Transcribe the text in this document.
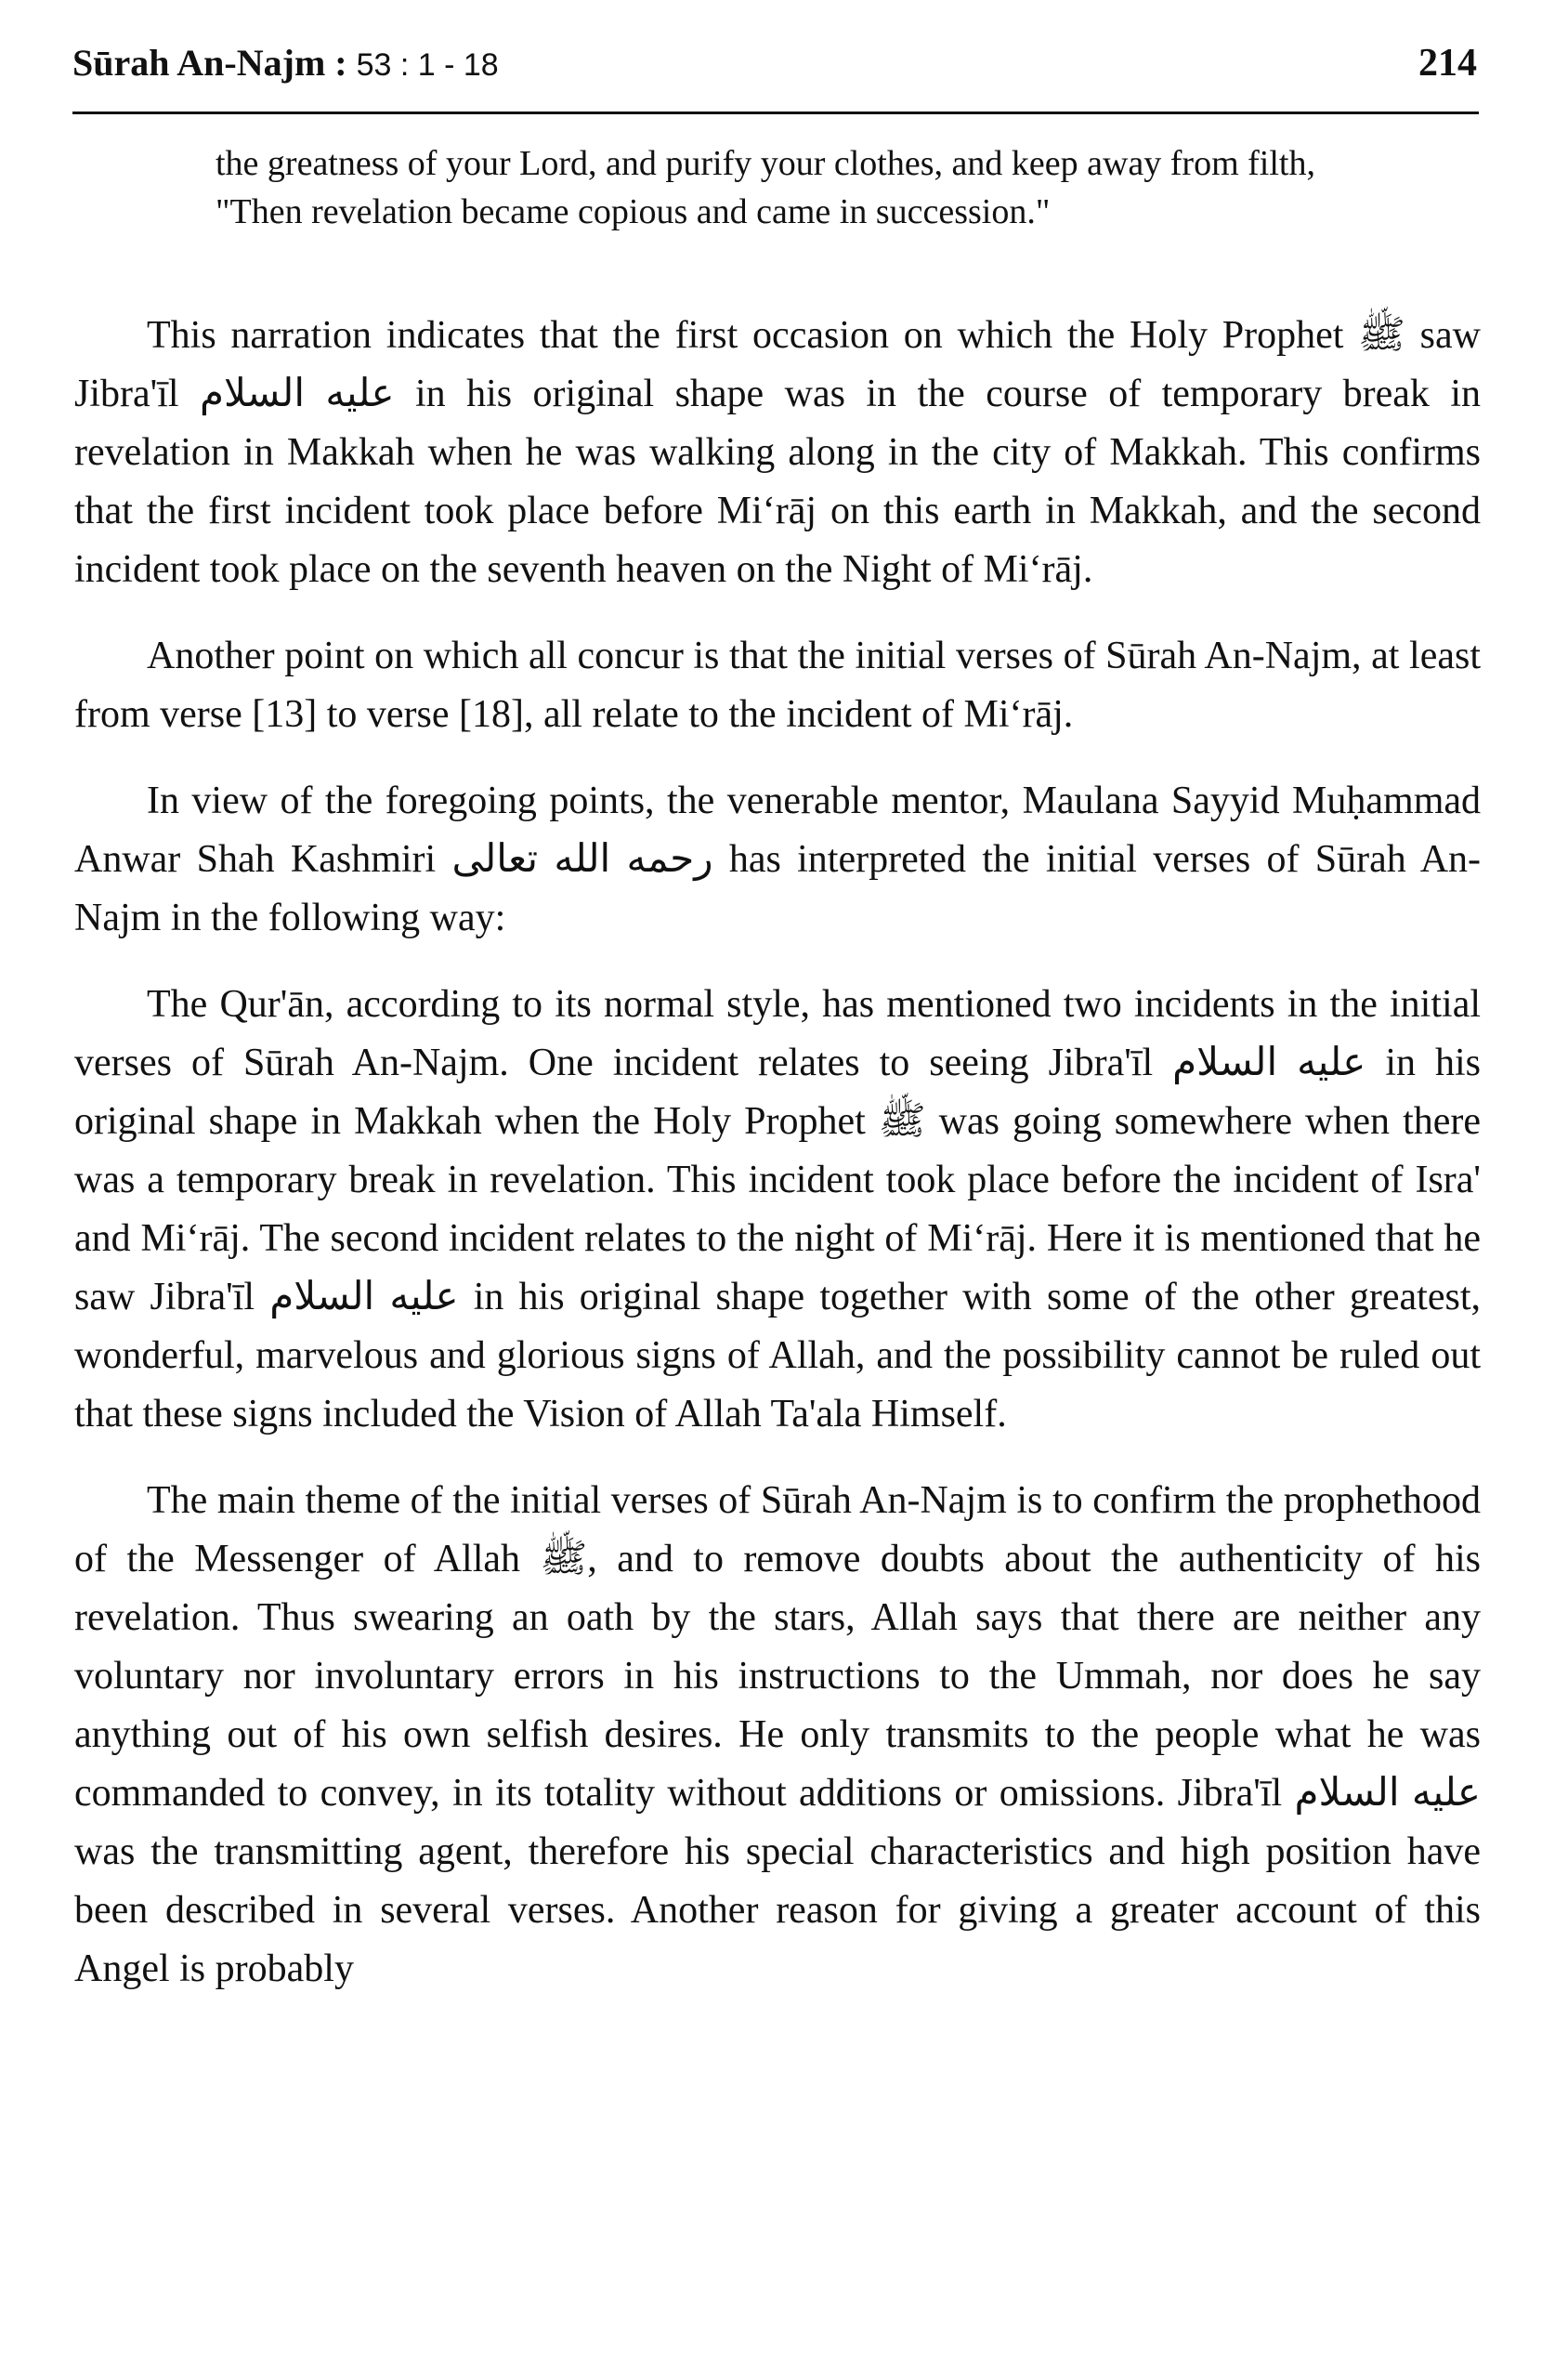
Sūrah An-Najm : 53 : 1 - 18	214

the greatness of your Lord, and purify your clothes, and keep away from filth, "Then revelation became copious and came in succession."

This narration indicates that the first occasion on which the Holy Prophet ﷺ saw Jibra'īl عليه السلام in his original shape was in the course of temporary break in revelation in Makkah when he was walking along in the city of Makkah. This confirms that the first incident took place before Mi‘rāj on this earth in Makkah, and the second incident took place on the seventh heaven on the Night of Mi‘rāj.

Another point on which all concur is that the initial verses of Sūrah An-Najm, at least from verse [13] to verse [18], all relate to the incident of Mi‘rāj.

In view of the foregoing points, the venerable mentor, Maulana Sayyid Muḥammad Anwar Shah Kashmiri رحمه الله تعالى has interpreted the initial verses of Sūrah An-Najm in the following way:

The Qur'ān, according to its normal style, has mentioned two incidents in the initial verses of Sūrah An-Najm. One incident relates to seeing Jibra'īl عليه السلام in his original shape in Makkah when the Holy Prophet ﷺ was going somewhere when there was a temporary break in revelation. This incident took place before the incident of Isra' and Mi‘rāj. The second incident relates to the night of Mi‘rāj. Here it is mentioned that he saw Jibra'īl عليه السلام in his original shape together with some of the other greatest, wonderful, marvelous and glorious signs of Allah, and the possibility cannot be ruled out that these signs included the Vision of Allah Ta'ala Himself.

The main theme of the initial verses of Sūrah An-Najm is to confirm the prophethood of the Messenger of Allah ﷺ, and to remove doubts about the authenticity of his revelation. Thus swearing an oath by the stars, Allah says that there are neither any voluntary nor involuntary errors in his instructions to the Ummah, nor does he say anything out of his own selfish desires. He only transmits to the people what he was commanded to convey, in its totality without additions or omissions. Jibra'īl عليه السلام was the transmitting agent, therefore his special characteristics and high position have been described in several verses. Another reason for giving a greater account of this Angel is probably
